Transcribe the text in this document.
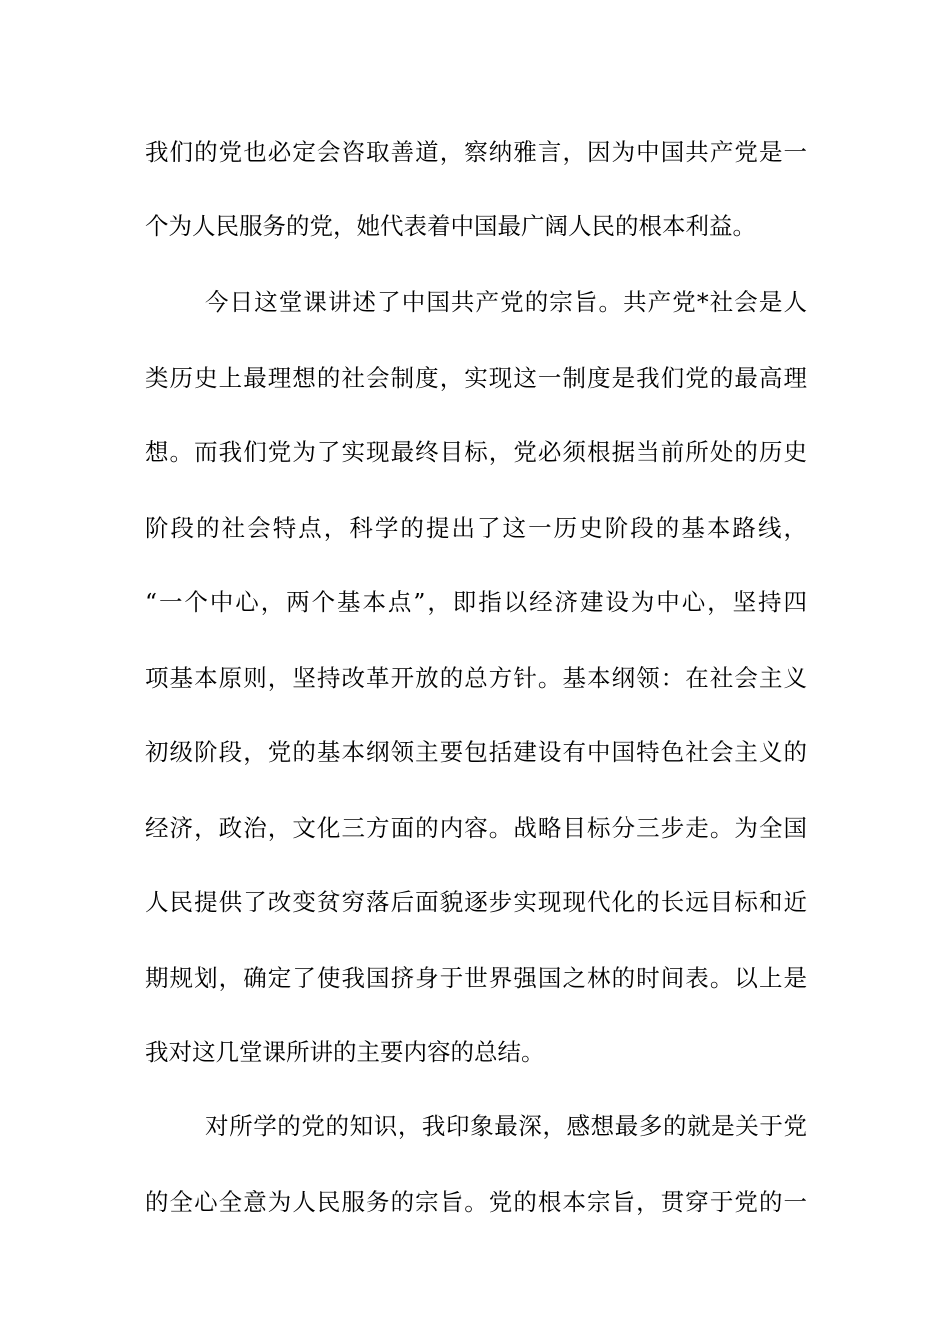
我们的党也必定会咨取善道，察纳雅言，因为中国共产党是一
个为人民服务的党，她代表着中国最广阔人民的根本利益。
今日这堂课讲述了中国共产党的宗旨。共产党*社会是人
类历史上最理想的社会制度，实现这一制度是我们党的最高理
想。而我们党为了实现最终目标，党必须根据当前所处的历史
阶段的社会特点，科学的提出了这一历史阶段的基本路线，
“一个中心，两个基本点”，即指以经济建设为中心，坚持四
项基本原则，坚持改革开放的总方针。基本纲领：在社会主义
初级阶段，党的基本纲领主要包括建设有中国特色社会主义的
经济，政治，文化三方面的内容。战略目标分三步走。为全国
人民提供了改变贫穷落后面貌逐步实现现代化的长远目标和近
期规划，确定了使我国挤身于世界强国之林的时间表。以上是
我对这几堂课所讲的主要内容的总结。
对所学的党的知识，我印象最深，感想最多的就是关于党
的全心全意为人民服务的宗旨。党的根本宗旨，贯穿于党的一
